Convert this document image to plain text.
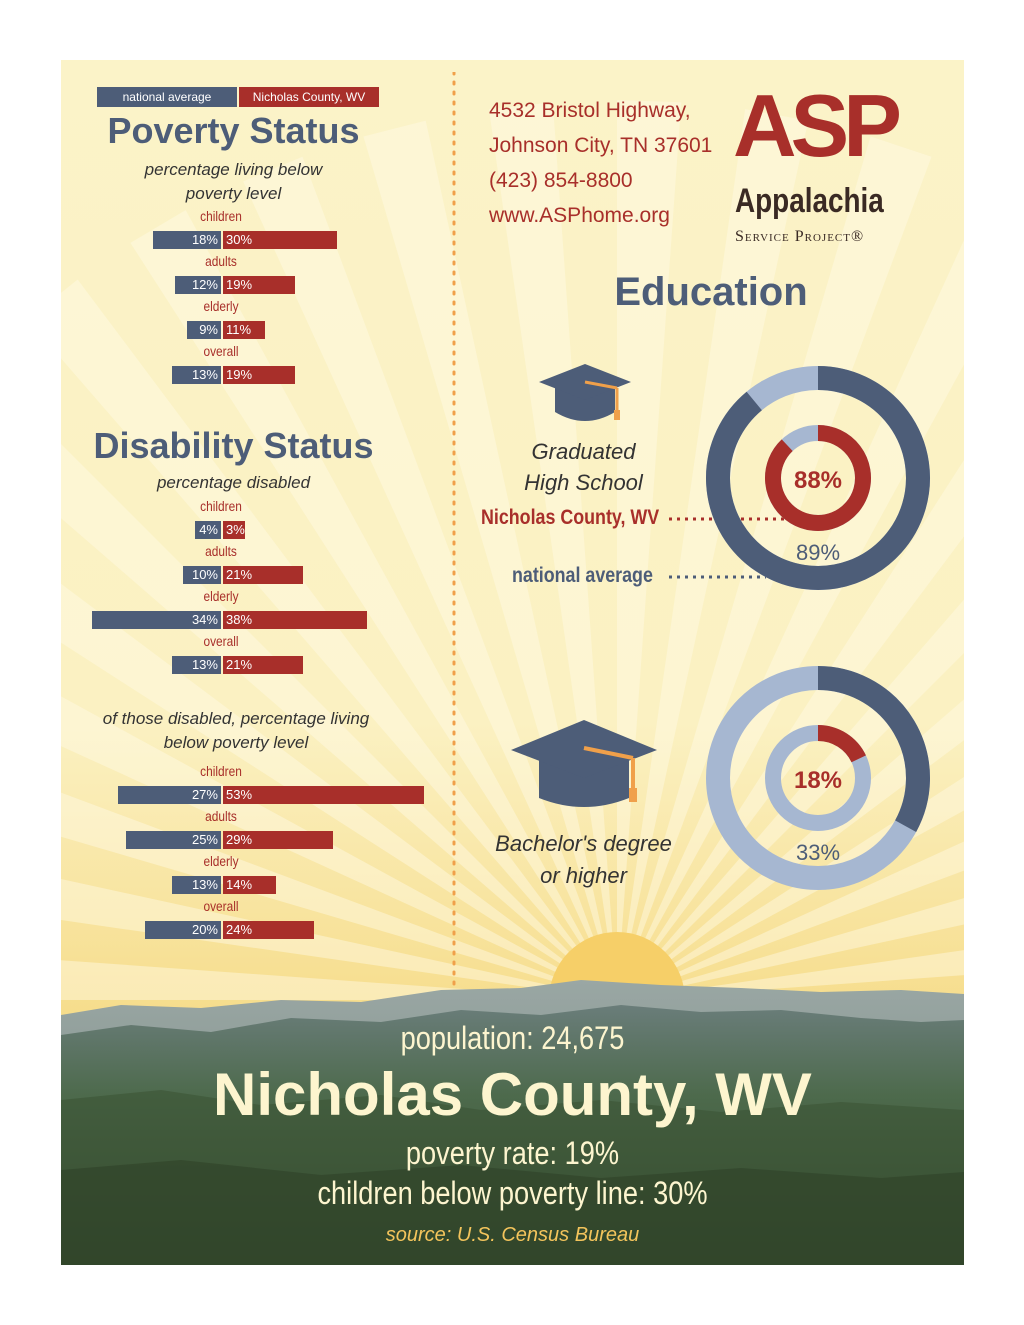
national average	Nicholas County, WV
Poverty Status
percentage living below
poverty level
children
18% 30%
adults
12% 19%
elderly
9% 11%
overall
13% 19%
Disability Status
percentage disabled
children
4% 3%
adults
10% 21%
elderly
34% 38%
overall
13% 21%
of those disabled, percentage living
below poverty level
children
27% 53%
adults
25% 29%
elderly
13% 14%
overall
20% 24%
4532 Bristol Highway,
Johnson City, TN 37601
(423) 854-8800
www.ASPhome.org
ASP
Appalachia
Service Project®
Education
Graduated
High School
Nicholas County, WV
national average
88%
89%
Bachelor's degree
or higher
18%
33%
population: 24,675
Nicholas County, WV
poverty rate: 19%
children below poverty line: 30%
source: U.S. Census Bureau
